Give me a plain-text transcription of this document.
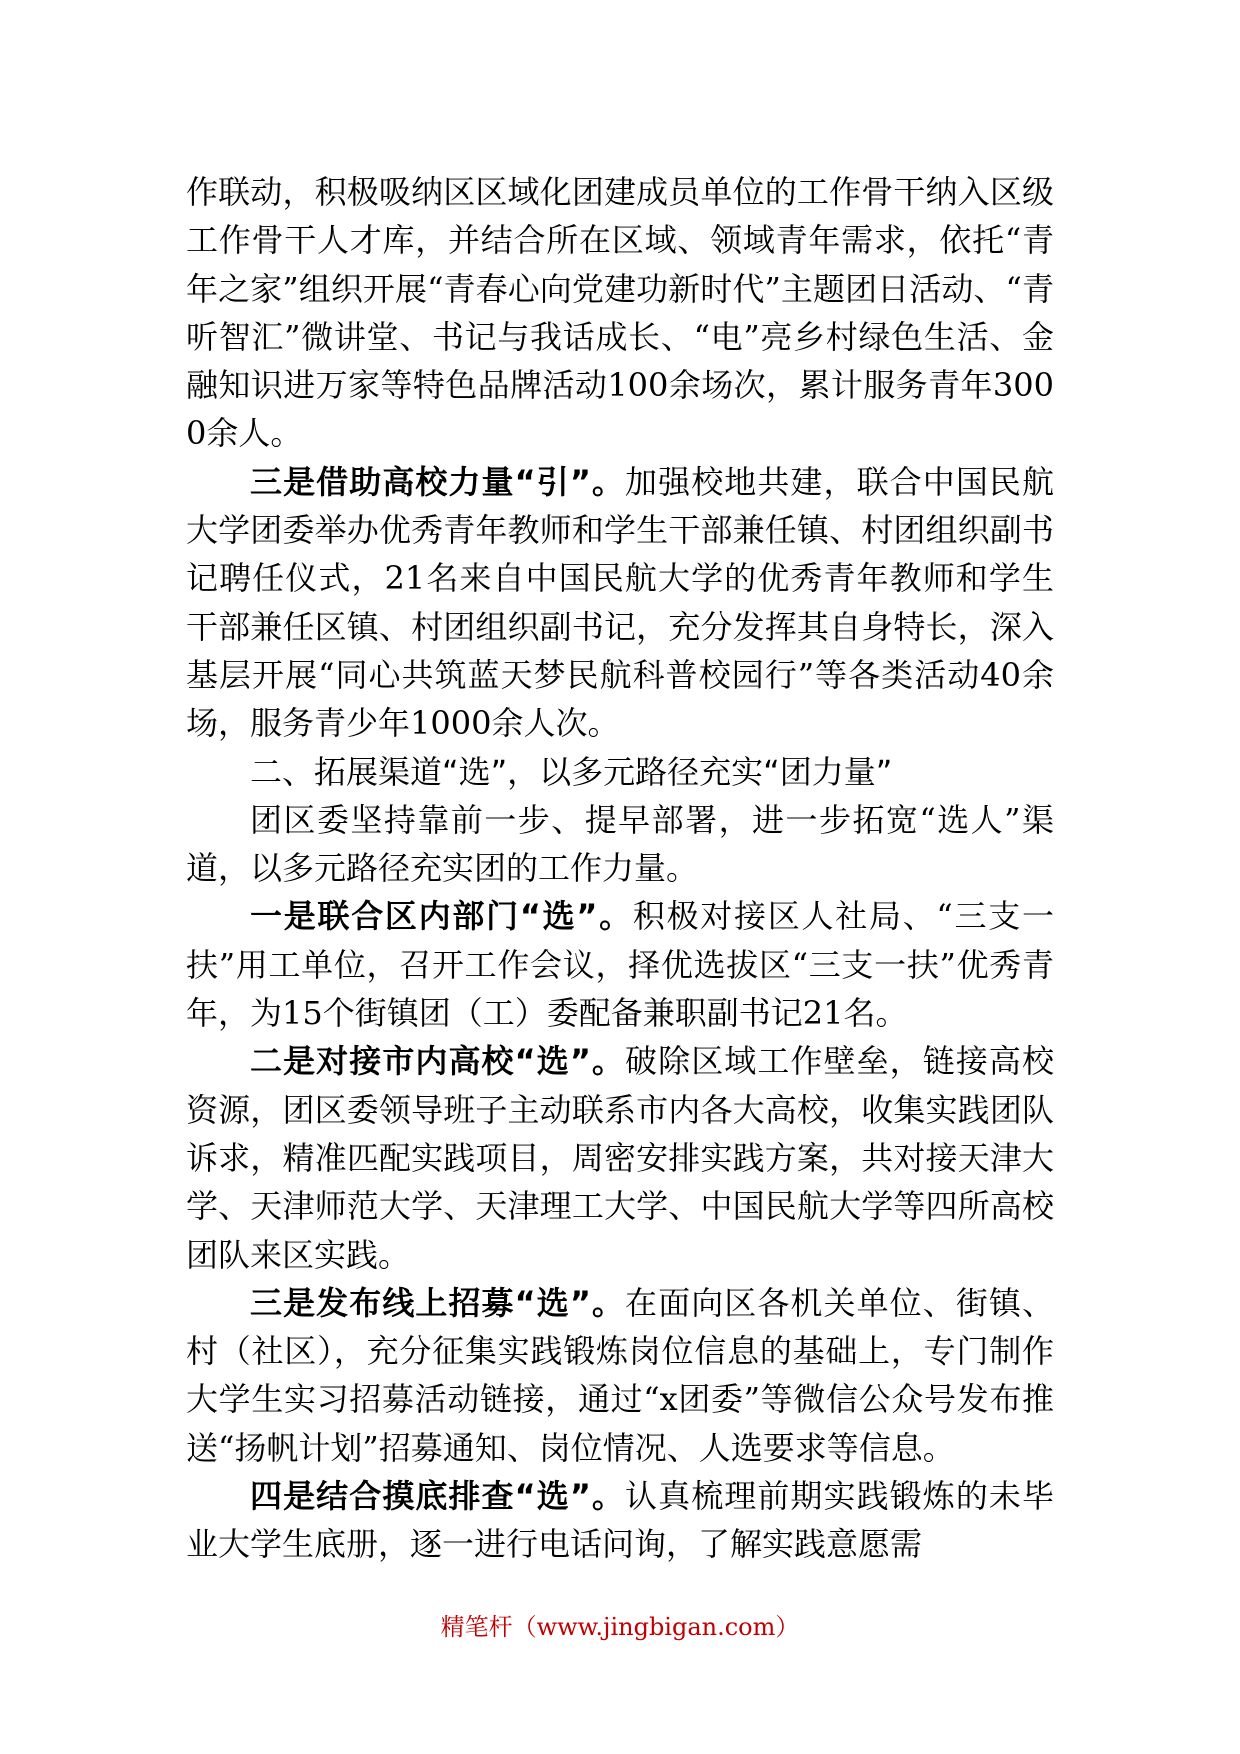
作联动，积极吸纳区区域化团建成员单位的工作骨干纳入区级工作骨干人才库，并结合所在区域、领域青年需求，依托“青年之家”组织开展“青春心向党建功新时代”主题团日活动、“青听智汇”微讲堂、书记与我话成长、“电”亮乡村绿色生活、金融知识进万家等特色品牌活动100余场次，累计服务青年3000余人。

三是借助高校力量“引”。加强校地共建，联合中国民航大学团委举办优秀青年教师和学生干部兼任镇、村团组织副书记聘任仪式，21名来自中国民航大学的优秀青年教师和学生干部兼任区镇、村团组织副书记，充分发挥其自身特长，深入基层开展“同心共筑蓝天梦民航科普校园行”等各类活动40余场，服务青少年1000余人次。

二、拓展渠道“选”，以多元路径充实“团力量”

团区委坚持靠前一步、提早部署，进一步拓宽“选人”渠道，以多元路径充实团的工作力量。

一是联合区内部门“选”。积极对接区人社局、“三支一扶”用工单位，召开工作会议，择优选拔区“三支一扶”优秀青年，为15个街镇团（工）委配备兼职副书记21名。

二是对接市内高校“选”。破除区域工作壁垒，链接高校资源，团区委领导班子主动联系市内各大高校，收集实践团队诉求，精准匹配实践项目，周密安排实践方案，共对接天津大学、天津师范大学、天津理工大学、中国民航大学等四所高校团队来区实践。

三是发布线上招募“选”。在面向区各机关单位、街镇、村（社区），充分征集实践锻炼岗位信息的基础上，专门制作大学生实习招募活动链接，通过“x团委”等微信公众号发布推送“扬帆计划”招募通知、岗位情况、人选要求等信息。

四是结合摸底排查“选”。认真梳理前期实践锻炼的未毕业大学生底册，逐一进行电话问询，了解实践意愿需

精笔杆（www.jingbigan.com）
